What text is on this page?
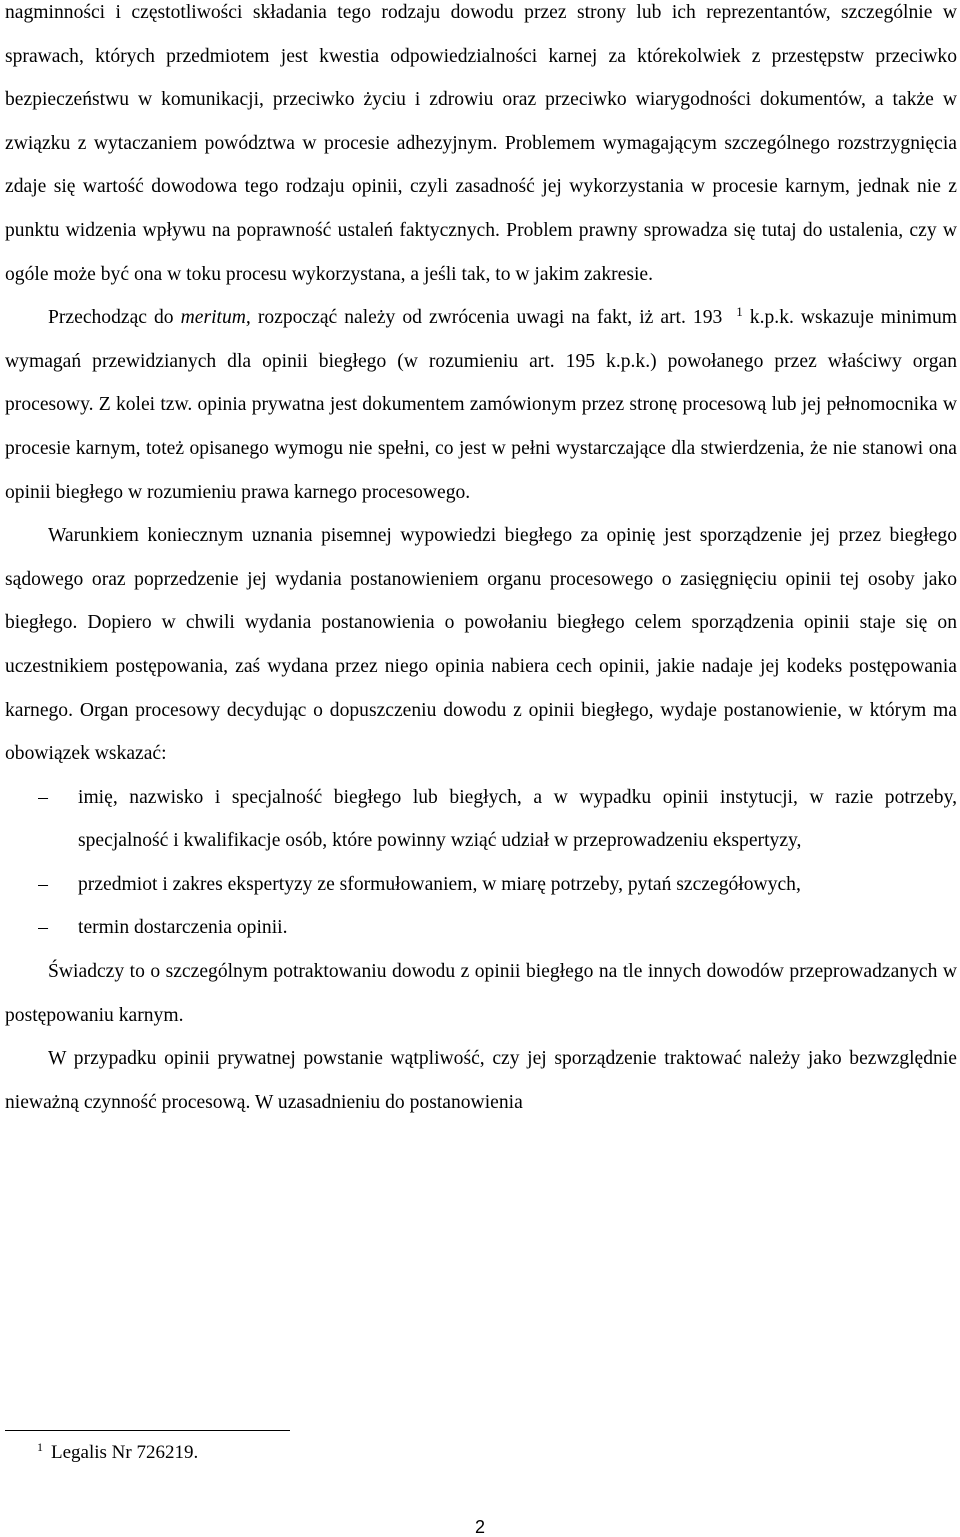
nagminności i częstotliwości składania tego rodzaju dowodu przez strony lub ich reprezentantów, szczególnie w sprawach, których przedmiotem jest kwestia odpowiedzialności karnej za którekolwiek z przestępstw przeciwko bezpieczeństwu w komunikacji, przeciwko życiu i zdrowiu oraz przeciwko wiarygodności dokumentów, a także w związku z wytaczaniem powództwa w procesie adhezyjnym. Problemem wymagającym szczególnego rozstrzygnięcia zdaje się wartość dowodowa tego rodzaju opinii, czyli zasadność jej wykorzystania w procesie karnym, jednak nie z punktu widzenia wpływu na poprawność ustaleń faktycznych. Problem prawny sprowadza się tutaj do ustalenia, czy w ogóle może być ona w toku procesu wykorzystana, a jeśli tak, to w jakim zakresie.

Przechodząc do meritum, rozpocząć należy od zwrócenia uwagi na fakt, iż art. 193 $^1$ k.p.k. wskazuje minimum wymagań przewidzianych dla opinii biegłego (w rozumieniu art. 195 k.p.k.) powołanego przez właściwy organ procesowy. Z kolei tzw. opinia prywatna jest dokumentem zamówionym przez stronę procesową lub jej pełnomocnika w procesie karnym, toteż opisanego wymogu nie spełni, co jest w pełni wystarczające dla stwierdzenia, że nie stanowi ona opinii biegłego w rozumieniu prawa karnego procesowego.

Warunkiem koniecznym uznania pisemnej wypowiedzi biegłego za opinię jest sporządzenie jej przez biegłego sądowego oraz poprzedzenie jej wydania postanowieniem organu procesowego o zasięgnięciu opinii tej osoby jako biegłego. Dopiero w chwili wydania postanowienia o powołaniu biegłego celem sporządzenia opinii staje się on uczestnikiem postępowania, zaś wydana przez niego opinia nabiera cech opinii, jakie nadaje jej kodeks postępowania karnego. Organ procesowy decydując o dopuszczeniu dowodu z opinii biegłego, wydaje postanowienie, w którym ma obowiązek wskazać:

–	imię, nazwisko i specjalność biegłego lub biegłych, a w wypadku opinii instytucji, w razie potrzeby, specjalność i kwalifikacje osób, które powinny wziąć udział w przeprowadzeniu ekspertyzy,
–	przedmiot i zakres ekspertyzy ze sformułowaniem, w miarę potrzeby, pytań szczegółowych,
–	termin dostarczenia opinii.

Świadczy to o szczególnym potraktowaniu dowodu z opinii biegłego na tle innych dowodów przeprowadzanych w postępowaniu karnym.

W przypadku opinii prywatnej powstanie wątpliwość, czy jej sporządzenie traktować należy jako bezwzględnie nieważną czynność procesową. W uzasadnieniu do postanowienia

$^1$ Legalis Nr 726219.
2
